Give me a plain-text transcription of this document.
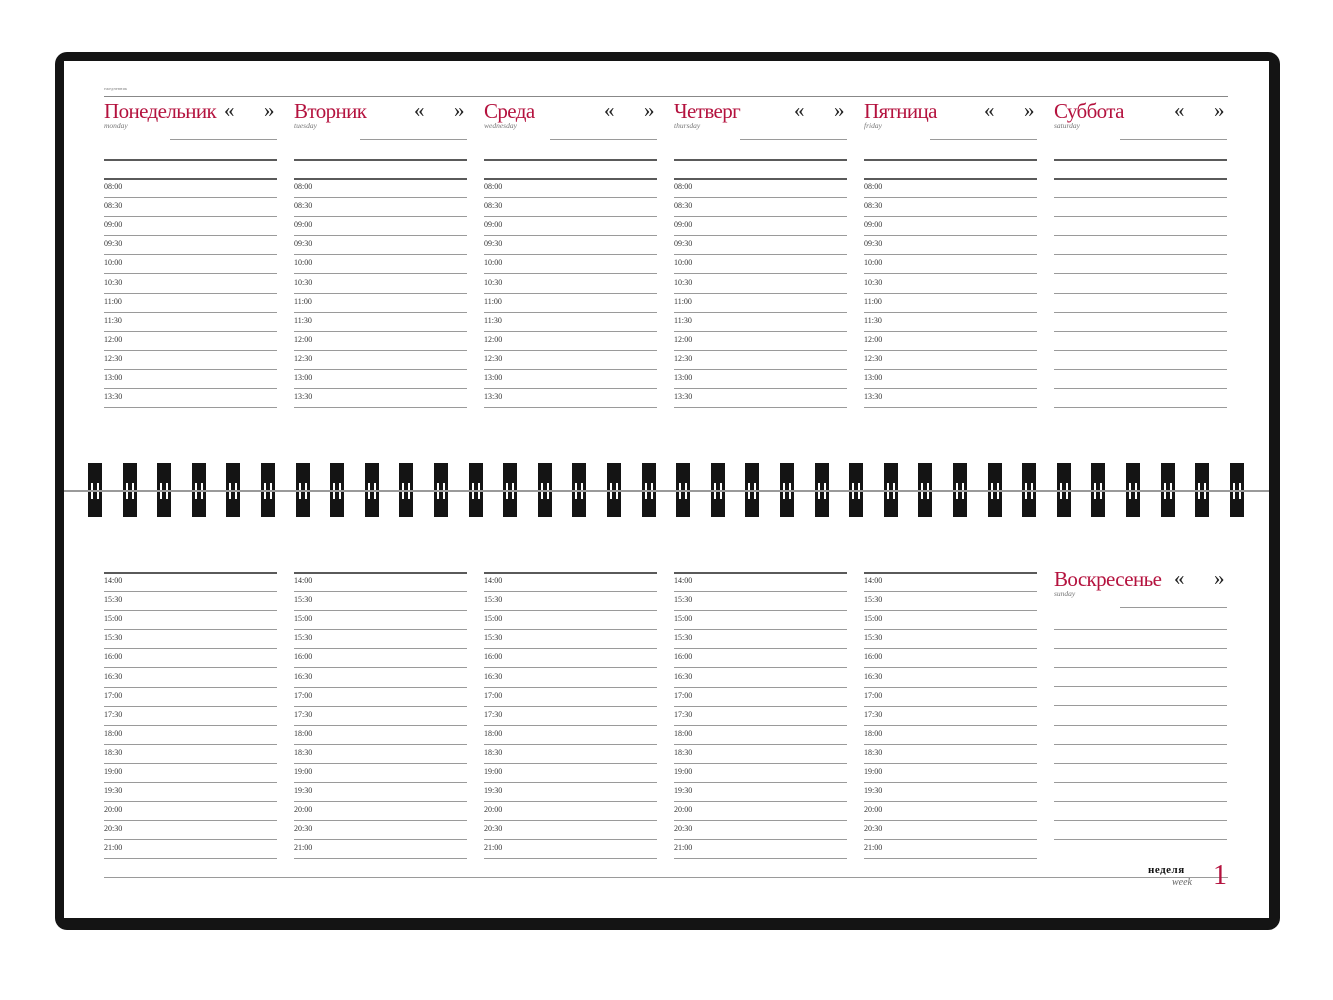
ежедневник
Понедельник
monday
« »
08:00
08:30
09:00
09:30
10:00
10:30
11:00
11:30
12:00
12:30
13:00
13:30
Вторник
tuesday
« »
08:00
08:30
09:00
09:30
10:00
10:30
11:00
11:30
12:00
12:30
13:00
13:30
Среда
wednesday
« »
08:00
08:30
09:00
09:30
10:00
10:30
11:00
11:30
12:00
12:30
13:00
13:30
Четверг
thursday
« »
08:00
08:30
09:00
09:30
10:00
10:30
11:00
11:30
12:00
12:30
13:00
13:30
Пятница
friday
« »
08:00
08:30
09:00
09:30
10:00
10:30
11:00
11:30
12:00
12:30
13:00
13:30
Суббота
saturday
« »
14:00
15:30
15:00
15:30
16:00
16:30
17:00
17:30
18:00
18:30
19:00
19:30
20:00
20:30
21:00
14:00
15:30
15:00
15:30
16:00
16:30
17:00
17:30
18:00
18:30
19:00
19:30
20:00
20:30
21:00
14:00
15:30
15:00
15:30
16:00
16:30
17:00
17:30
18:00
18:30
19:00
19:30
20:00
20:30
21:00
14:00
15:30
15:00
15:30
16:00
16:30
17:00
17:30
18:00
18:30
19:00
19:30
20:00
20:30
21:00
14:00
15:30
15:00
15:30
16:00
16:30
17:00
17:30
18:00
18:30
19:00
19:30
20:00
20:30
21:00
Воскресенье
sunday
« »
неделя
week 1
